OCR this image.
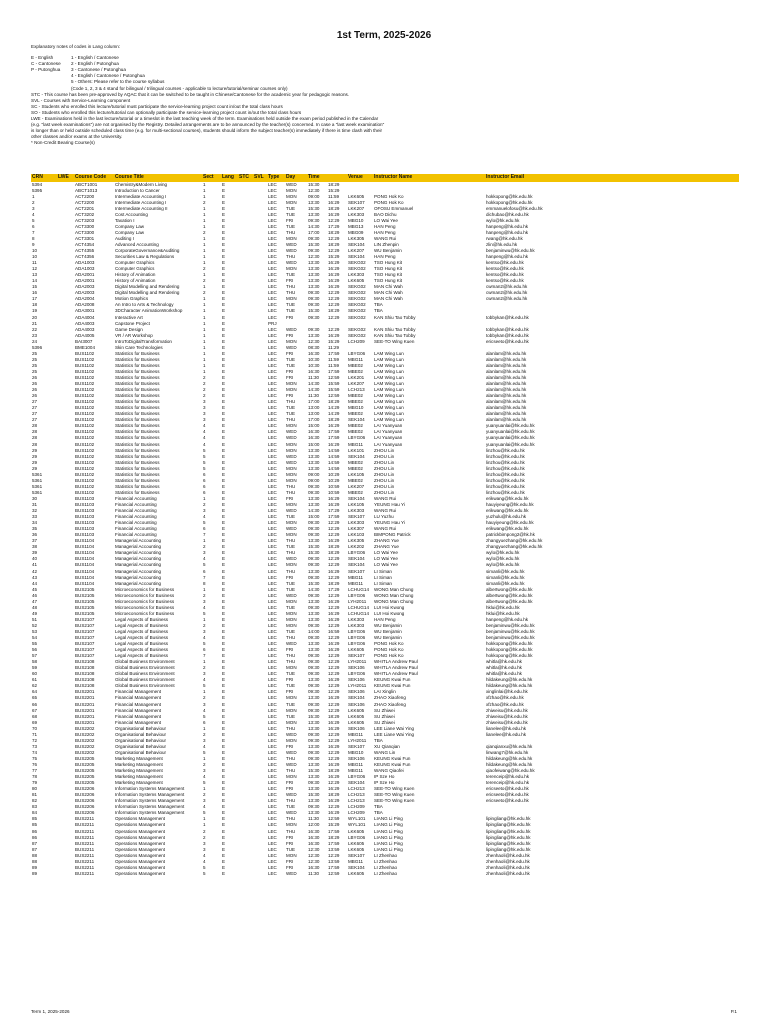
1st Term, 2025-2026
Explanatory notes of codes in Lang column:
E - English	1 - English / Cantonese
C - Cantonese 2 - English / Putonghua
P - Putonghua 3 - Cantonese / Putonghua
4 - English / Cantonese / Putonghua
5 - Others: Please refer to the course syllabus
(Code 1, 2, 3 & 4 stand for bilingual / trilingual courses - applicable to lecture/tutorial/seminar courses only)
STC - This course has been pre-approved by AQAC that it can be switched to be taught in Chinese/Cantonese for the academic year for pedagogic reasons.
SVL - Courses with Service-Learning component
SC - Students who enrolled this lecture/tutorial must participate the service-learning project count in/out the total class hours
SO - Students who enrolled this lecture/tutorial can optionally participate the service-learning project count in/out the total class hours
LWE - Examinations held in the last lecture/tutorial or a timeslot in the last teaching week of the term. Examinations held outside the exam period published in the Calendar
(e.g. "last week examinations") are not organised by the Registry. Detailed arrangements are to be announced by the teacher(s) concerned. In case a "last week examination"
is longer than or held outside scheduled class time (e.g. for multi-sectional courses), students should inform the subject teacher(s) immediately if there is time clash with their
other classes and/or exams at the University.
* Non-Credit Bearing Course(s)
CRN	LWE	Course Code	Course Title	Sect	Lang	STC	SVL	Type	Day	Time		Venue	Instructor Name	Instructor Email
5394		ABCT1001	Chemistry&Modern Living	1	E			LEC	WED	15:30	18:29			
5395		ABCT1013	Introduction to Cancer	1	E			LEC	MON	12:30	15:29			
1		ACT2200	Intermediate Accounting I	1	E			LEC	MON	09:00	11:59	LKK605	PONG Hok Ko	hokkopong@hk.edu.hk
2		ACT2200	Intermediate Accounting I	2	E			LEC	MON	13:30	16:29	SEK107	PONG Hok Ko	hokkopong@hk.edu.hk
3		ACT2201	Intermediate Accounting II	1	E			LEC	TUE	15:30	18:29	LKK207	OFOSU Emmanuel	emmanuelofosu@hk.edu.hk
4		ACT3202	Cost Accounting	1	E			LEC	TUE	13:30	16:29	LKK303	BAO Dichu	dichubao@hk.edu.hk
5		ACT3203	Taxation I	1	E			LEC	FRI	09:30	12:29	MBG10	LO Wai Yee	wylo@hk.edu.hk
6		ACT3300	Company Law	1	E			LEC	TUE	14:30	17:29	MBG13	HAN Peng	hanpeng@hk.edu.hk
7		ACT3300	Company Law	2	E			LEC	THU	17:00	18:29	MBG09	HAN Peng	hanpeng@hk.edu.hk
8		ACT3301	Auditing I	1	E			LEC	MON	09:30	12:29	LKK305	WANG Rui	rwang@hk.edu.hk
9		ACT4354	Advanced Accounting	1	E			LEC	WED	15:30	18:29	SEK104	LIN Zhenpin	zlin@hk.edu.hk
10		ACT4355	CorporateGovernance&Auditing	1	E			LEC	WED	09:30	12:29	LKK207	WU Benjamin	benjaminwu@hk.edu.hk
10		ACT4356	Securities Law & Regulations	1	E			LEC	THU	12:30	15:29	SEK104	HAN Peng	hanpeng@hk.edu.hk
11		ADA1003	Computer Graphics	1	E			LEC	WED	13:30	16:29	SEKG02	TSO Hung Kit	kentso@hk.edu.hk
12		ADA1003	Computer Graphics	2	E			LEC	MON	13:30	16:29	SEKG02	TSO Hung Kit	kentso@hk.edu.hk
13		ADA2001	History of Animation	1	E			LEC	TUE	13:30	16:29	LKK303	TSO Hung Kit	kentso@hk.edu.hk
14		ADA2001	History of Animation	2	E			LEC	FRI	13:30	16:29	LKK605	TSO Hung Kit	kentso@hk.edu.hk
15		ADA2003	Digital Modelling and Rendering	1	E			LEC	THU	13:30	16:29	SEKG02	MAN Chi Wah	cwman2@hk.edu.hk
16		ADA2003	Digital Modelling and Rendering	2	E			LEC	THU	09:30	12:29	SEKG02	MAN Chi Wah	cwman2@hk.edu.hk
17		ADA2004	Motion Graphics	1	E			LEC	MON	09:30	12:29	SEKG02	MAN Chi Wah	cwman2@hk.edu.hk
18		ADA2008	An Intro to Arts & Technology	1	E			LEC	TUE	09:30	12:29	SEKG02	TBA	
19		ADA3001	3DCharacter AnimationWorkshop	1	E			LEC	TUE	15:30	18:29	SEKG02	TBA	
20		ADA4004	Interactive Art	1	E			LEC	FRI	09:30	12:29	SEKG02	KAN Shiu Tao Tobby	tobbykan@hk.edu.hk
21		ADA4003	Capstone Project	1	E			PRJ						
22		ADA4003	Game Design	1	E			LEC	WED	09:30	12:29	SEKG02	KAN Shiu Tao Tobby	tobbykan@hk.edu.hk
23		ADA4005	VR / AR Workshop	1	E			LEC	FRI	13:30	16:29	SEKG02	KAN Shiu Tao Tobby	tobbykan@hk.edu.hk
24		BAI3007	IntroToDigitalTransformation	1	E			LEC	MON	12:30	15:29	LCH209	SEE-TO Wing Kuen	ericseeto@hk.edu.hk
5396		BME1004	Skin Care Technologies	1	E			LEC	WED	08:30	11:29			
25		BUS1102	Statistics for Business	1	E			LEC	FRI	16:30	17:59	LBYG06	LAM Wing Lun	alanlam@hk.edu.hk
25		BUS1102	Statistics for Business	1	E			LEC	TUE	10:30	11:59	MBG11	LAM Wing Lun	alanlam@hk.edu.hk
25		BUS1102	Statistics for Business	1	E			LEC	TUE	10:30	11:59	MBE02	LAM Wing Lun	alanlam@hk.edu.hk
25		BUS1102	Statistics for Business	1	E			LEC	FRI	16:30	17:59	MBE02	LAM Wing Lun	alanlam@hk.edu.hk
26		BUS1102	Statistics for Business	2	E			LEC	FRI	11:30	12:59	LKK201	LAM Wing Lun	alanlam@hk.edu.hk
26		BUS1102	Statistics for Business	2	E			LEC	MON	14:30	15:59	LKK207	LAM Wing Lun	alanlam@hk.edu.hk
26		BUS1102	Statistics for Business	2	E			LEC	MON	14:30	15:59	LCH213	LAM Wing Lun	alanlam@hk.edu.hk
26		BUS1102	Statistics for Business	2	E			LEC	FRI	11:30	12:59	MBE02	LAM Wing Lun	alanlam@hk.edu.hk
27		BUS1102	Statistics for Business	3	E			LEC	THU	17:00	18:29	MBE02	LAM Wing Lun	alanlam@hk.edu.hk
27		BUS1102	Statistics for Business	3	E			LEC	TUE	13:00	14:29	MBG10	LAM Wing Lun	alanlam@hk.edu.hk
27		BUS1102	Statistics for Business	3	E			LEC	TUE	13:00	14:29	MBE02	LAM Wing Lun	alanlam@hk.edu.hk
27		BUS1102	Statistics for Business	3	E			LEC	THU	17:00	18:29	SEK104	LAM Wing Lun	alanlam@hk.edu.hk
28		BUS1102	Statistics for Business	4	E			LEC	MON	15:00	16:29	MBE02	LAI Yuanyuan	yuanyuanlai@hk.edu.hk
28		BUS1102	Statistics for Business	4	E			LEC	WED	16:30	17:59	MBE02	LAI Yuanyuan	yuanyuanlai@hk.edu.hk
28		BUS1102	Statistics for Business	4	E			LEC	WED	16:30	17:59	LBYG06	LAI Yuanyuan	yuanyuanlai@hk.edu.hk
28		BUS1102	Statistics for Business	4	E			LEC	MON	15:00	16:29	MBG11	LAI Yuanyuan	yuanyuanlai@hk.edu.hk
29		BUS1102	Statistics for Business	5	E			LEC	MON	13:30	14:59	LKK101	ZHOU Lin	linzhou@hk.edu.hk
29		BUS1102	Statistics for Business	5	E			LEC	WED	13:30	14:59	SEK104	ZHOU Lin	linzhou@hk.edu.hk
29		BUS1102	Statistics for Business	5	E			LEC	WED	13:30	14:59	MBE02	ZHOU Lin	linzhou@hk.edu.hk
29		BUS1102	Statistics for Business	5	E			LEC	MON	13:30	14:59	MBE02	ZHOU Lin	linzhou@hk.edu.hk
5361		BUS1102	Statistics for Business	6	E			LEC	MON	09:00	10:29	LKK105	ZHOU Lin	linzhou@hk.edu.hk
5361		BUS1102	Statistics for Business	6	E			LEC	MON	09:00	10:29	MBE02	ZHOU Lin	linzhou@hk.edu.hk
5361		BUS1102	Statistics for Business	6	E			LEC	THU	09:30	10:59	LKK207	ZHOU Lin	linzhou@hk.edu.hk
5361		BUS1102	Statistics for Business	6	E			LEC	THU	09:30	10:59	MBE02	ZHOU Lin	linzhou@hk.edu.hk
30		BUS1103	Financial Accounting	1	E			LEC	FRI	13:30	16:29	SEK104	WANG Rui	erikwang@hk.edu.hk
31		BUS1103	Financial Accounting	2	E			LEC	MON	13:30	16:29	LKK105	YEUNG Hau Yi	hauyiyeung@hk.edu.hk
32		BUS1103	Financial Accounting	3	E			LEC	WED	14:30	17:29	LKK303	WANG Rui	erikwang@hk.edu.hk
33		BUS1103	Financial Accounting	4	E			LEC	TUE	15:00	17:59	SEK107	LU Yuzhu	yuzhulu@hk.edu.hk
34		BUS1103	Financial Accounting	5	E			LEC	MON	09:30	12:29	LKK303	YEUNG Hau Yi	hauyiyeung@hk.edu.hk
35		BUS1103	Financial Accounting	6	E			LEC	WED	09:30	12:29	LKK307	WANG Rui	erikwang@hk.edu.hk
36		BUS1103	Financial Accounting	7	E			LEC	MON	09:30	12:29	LKK103	BIMPONG Patrick	patrickbimpong2@hk.hk
37		BUS1104	Managerial Accounting	1	E			LEC	THU	13:30	16:29	LKK305	ZHANG Yue	zhangyuezhang@hk.edu.hk
38		BUS1104	Managerial Accounting	2	E			LEC	TUE	15:30	18:29	LKK202	ZHANG Yue	zhangyuezhang@hk.edu.hk
39		BUS1104	Managerial Accounting	3	E			LEC	THU	15:30	18:29	LBYG06	LO Wai Yee	wylo@hk.edu.hk
40		BUS1104	Managerial Accounting	4	E			LEC	WED	09:30	12:29	SEK104	LO Wai Yee	wylo@hk.edu.hk
41		BUS1104	Managerial Accounting	5	E			LEC	MON	09:30	12:29	SEK104	LO Wai Yee	wylo@hk.edu.hk
42		BUS1104	Managerial Accounting	6	E			LEC	THU	13:30	16:29	SEK107	LI Siman	simanli@hk.edu.hk
43		BUS1104	Managerial Accounting	7	E			LEC	FRI	09:30	12:29	MBG11	LI Siman	simanli@hk.edu.hk
44		BUS1104	Managerial Accounting	8	E			LEC	TUE	15:30	18:29	MBG11	LI Siman	simanli@hk.edu.hk
45		BUS2105	Microeconomics for Business	1	E			LEC	TUE	14:30	17:29	LCHUG14	WONG Man Chung	albertwong@hk.edu.hk
46		BUS2105	Microeconomics for Business	2	E			LEC	WED	09:30	12:29	LBYG06	WONG Man Chung	albertwong@hk.edu.hk
47		BUS2105	Microeconomics for Business	3	E			LEC	MON	13:30	16:29	LYH2011	WONG Man Chung	albertwong@hk.edu.hk
48		BUS2105	Microeconomics for Business	4	E			LEC	TUE	09:30	12:29	LCHUG14	LUI Hoi Kwong	hklui@hk.edu.hk
49		BUS2105	Microeconomics for Business	5	E			LEC	MON	13:30	16:29	LCHUG14	LUI Hoi Kwong	hklui@hk.edu.hk
51		BUS2107	Legal Aspects of Business	1	E			LEC	MON	13:30	16:29	LKK303	HAN Peng	hanpeng@hk.edu.hk
52		BUS2107	Legal Aspects of Business	2	E			LEC	MON	09:30	12:29	LKK303	WU Benjamin	benjaminwu@hk.edu.hk
53		BUS2107	Legal Aspects of Business	3	E			LEC	TUE	14:00	16:59	LBYG06	WU Benjamin	benjaminwu@hk.edu.hk
54		BUS2107	Legal Aspects of Business	4	E			LEC	THU	09:30	12:29	LBYG06	WU Benjamin	benjaminwu@hk.edu.hk
55		BUS2107	Legal Aspects of Business	5	E			LEC	WED	13:30	16:29	LBYG06	PONG Hok Ko	hokkopong@hk.edu.hk
56		BUS2107	Legal Aspects of Business	6	E			LEC	FRI	13:30	16:29	LKK605	PONG Hok Ko	hokkopong@hk.edu.hk
57		BUS2107	Legal Aspects of Business	7	E			LEC	THU	09:30	12:29	SEK107	PONG Hok Ko	hokkopong@hk.edu.hk
58		BUS2108	Global Business Environment	1	E			LEC	THU	09:30	12:29	LYH2011	WHITLA Andrew Paul	whitla@hk.edu.hk
59		BUS2108	Global Business Environment	2	E			LEC	MON	09:30	12:29	SEK106	WHITLA Andrew Paul	whitla@hk.edu.hk
60		BUS2108	Global Business Environment	3	E			LEC	TUE	09:30	12:29	LBYG06	WHITLA Andrew Paul	whitla@hk.edu.hk
61		BUS2108	Global Business Environment	4	E			LEC	FRI	13:30	16:29	SEK106	KEUNG Kwai Fun	hildakeung@hk.edu.hk
62		BUS2108	Global Business Environment	5	E			LEC	TUE	09:30	12:29	LYH2011	KEUNG Kwai Fun	hildakeung@hk.edu.hk
64		BUS2201	Financial Management	1	E			LEC	FRI	09:30	12:29	SEK106	LAI Xinglin	xinglinlai@hk.edu.hk
65		BUS2201	Financial Management	2	E			LEC	MON	13:30	16:29	SEK104	ZHAO Xiaofeng	xfzhao@hk.edu.hk
66		BUS2201	Financial Management	3	E			LEC	TUE	09:30	12:29	SEK106	ZHAO Xiaofeng	xfzhao@hk.edu.hk
67		BUS2201	Financial Management	4	E			LEC	MON	09:30	12:29	LKK605	SU Zhiwei	zhiweisu@hk.edu.hk
68		BUS2201	Financial Management	5	E			LEC	TUE	15:30	18:29	LKK605	SU Zhiwei	zhiweisu@hk.edu.hk
69		BUS2201	Financial Management	6	E			LEC	MON	13:30	16:29	LKK605	SU Zhiwei	zhiweisu@hk.edu.hk
70		BUS2202	Organisational Behaviour	1	E			LEC	THU	13:30	16:29	SEK106	LEE Liane Wai Ying	lianelee@hk.edu.hk
71		BUS2202	Organisational Behaviour	2	E			LEC	WED	09:30	12:29	MBG11	LEE Liane Wai Ying	lianelee@hk.edu.hk
72		BUS2202	Organisational Behaviour	3	E			LEC	MON	09:30	12:29	LYH2011	TBA	
73		BUS2202	Organisational Behaviour	4	E			LEC	FRI	13:30	16:29	SEK107	XU Qianqian	qianqianxu@hk.edu.hk
74		BUS2202	Organisational Behaviour	5	E			LEC	WED	09:30	12:29	MBG10	WANG Lin	linwang7@hk.edu.hk
75		BUS2205	Marketing Management	1	E			LEC	THU	09:30	12:29	SEK106	KEUNG Kwai Fun	hildakeung@hk.edu.hk
76		BUS2205	Marketing Management	2	E			LEC	WED	13:30	16:29	MBG11	KEUNG Kwai Fun	hildakeung@hk.edu.hk
77		BUS2205	Marketing Management	3	E			LEC	THU	15:30	18:29	MBG11	WANG Qiaofei	qiaofeiwang@hk.edu.hk
78		BUS2205	Marketing Management	4	E			LEC	MON	13:30	16:29	LBYG06	IP Sze Ho	terenceip@hk.edu.hk
79		BUS2205	Marketing Management	5	E			LEC	FRI	09:30	12:29	SEK104	IP Sze Ho	terenceip@hk.edu.hk
80		BUS2206	Information Systems Management	1	E			LEC	FRI	13:30	16:29	LCH213	SEE-TO Wing Kuen	ericseeto@hk.edu.hk
81		BUS2206	Information Systems Management	2	E			LEC	WED	15:30	18:29	LCH213	SEE-TO Wing Kuen	ericseeto@hk.edu.hk
82		BUS2206	Information Systems Management	3	E			LEC	THU	13:30	16:29	LCH213	SEE-TO Wing Kuen	ericseeto@hk.edu.hk
83		BUS2206	Information Systems Management	4	E			LEC	TUE	09:30	12:29	LCH209	TBA	
84		BUS2206	Information Systems Management	5	E			LEC	WED	13:30	16:29	LCH209	TBA	
85		BUS2211	Operations Management	1	E			LEC	THU	11:30	12:59	WYL101	LIANG Li Ping	lipingliang@hk.edu.hk
85		BUS2211	Operations Management	1	E			LEC	MON	12:00	15:29	WYL101	LIANG Li Ping	lipingliang@hk.edu.hk
86		BUS2211	Operations Management	2	E			LEC	THU	16:30	17:59	LKK605	LIANG Li Ping	lipingliang@hk.edu.hk
86		BUS2211	Operations Management	2	E			LEC	FRI	16:30	18:29	LBYG06	LIANG Li Ping	lipingliang@hk.edu.hk
87		BUS2211	Operations Management	3	E			LEC	FRI	16:30	17:59	LKK605	LIANG Li Ping	lipingliang@hk.edu.hk
87		BUS2211	Operations Management	3	E			LEC	TUE	12:30	13:59	LKK605	LIANG Li Ping	lipingliang@hk.edu.hk
88		BUS2211	Operations Management	4	E			LEC	MON	12:30	12:29	SEK107	LI Zhenhao	zhenhaoli@hk.edu.hk
88		BUS2211	Operations Management	4	E			LEC	FRI	12:30	13:59	MBG11	LI Zhenhao	zhenhaoli@hk.edu.hk
89		BUS2211	Operations Management	5	E			LEC	FRI	16:30	17:59	SEK104	LI Zhenhao	zhenhaoli@hk.edu.hk
89		BUS2211	Operations Management	5	E			LEC	WED	11:30	12:59	LKK605	LI Zhenhao	zhenhaoli@hk.edu.hk
Term 1, 2025-2026	P.1
